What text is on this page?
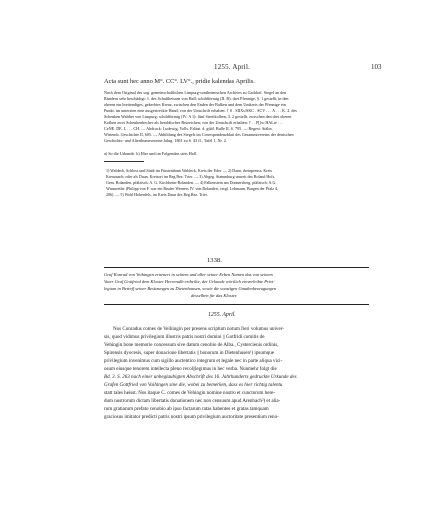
1255. April.	103
Acta sunt hec anno M°. CC°. LV°., pridie kalendas Aprilis.
Nach dem Original des sog. gemeinschaftlichen Limpurg-sontheimischen Archives zu Gaildorf. Siegel an den
Rändern sehr beschädigt: 1. des Schultheissen von Hall: schildförmig (II. B): drei Pfennige, §. 1 gestellt, in den
oberen ein breitendiges, gekerbtes Kreuz, zwischen den Enden der Balken und dem Umkreis der Pfennige ein
Punkt, im untersten eine ausgestreckte Hand; von der Umschrift erhalten: † S . SIIXs/SKC . SCV . . . A . . . K. 2. des
Schenken Walther von Limpurg: schildförmig (IV. A 1): fünf Streitkolben, 3. 2 gestellt, zwischen den drei oberen
Kolben zwei Schenkenbecher als heraldisches Beizeichen; von der Umschrift erhalten: † . . P[]w:HALie . . .
CeNE. DE. L . . . CH. — Abdruck: Ludewig, Volls. Erläut. d. güld. Bulle II, S. 795. — Regest: Stälin,
Wirtemb. Geschichte II, 605. — Abbildung des Siegels im Correspondenzblatt des Gesammtvereins der deutschen
Geschichts- und Alterthumsvereine Jahrg. 1861 zu S. 43 ff., Tafel 1, Nr. 2.
a) So die Urkunde. b) Hier und im Folgenden stets Hall.
1) Waldeck, Schloss und Stadt im Fürstenthum Waldeck, Kreis der Eder. — 2) Daun, rheinpreuss. Kreis
Kreuznach; oder als Daun, Kreisort im Reg.Bez. Trier. — 3) Abgeg. Stammburg unweit des Boland Hofs,
Gem. Bolanden, pfälzisch: A. G. Kirchheim-Bolanden. — 4) Falkenstein am Donnersberg, pfälzisch: A.G.
Winnweiler (Philipp von F. war ein Bruder Werners IV. von Bolanden, vergl. Lehmann, Burgen der Pfalz 4,
206). — 5) Wohl Hohenfels, im Kreis Daun des Reg.Bez. Trier.
1338.
Graf Konrad von Veihingen erneuert in seinem und aller seiner Erben Namen das von seinem
Vater Graf Gottfried dem Kloster Herrenalb ertheilte, der Urkunde wörtlich einverleibte Privi-
legium in Betreff seiner Besitzungen zu Dietenhausen, sowie die sonstigen Gnadenbezeugungen
desselben für das Kloster.
1255. April.
Nos Conradus comes de Veihingin per presens scriptum notum fieri volumus univer-
sis, quod vidimus privilegium illustris patris nostri domini || Gotfridi comitis de
Vehingin bone memorie concessum sive datum cenobio de Alba., Cystercienis ordinis,
Spirensis dyocesis, super donacione libertatis || bonorum in Dietenhusen¹) ipsumque
privilegium invenimus cum sigillo auctentico integrum et legale nec in parte aliqua vici-
osum eiusque tenorem intellecta pleno recol||legimus in hec verba. Nunmehr folgt die
Bd. 3. S. 263 nach einer unbeglaubigten Abschrift des 16. Jahrhunderts gedruckte Urkunde des
Grafen Gottfried von Vaihingen sine die, wobei zu bemerken, dass es hier richtig talentu
statt tales heisst. Nos itaque C. comes de Vehingin nomine nostro et cunctorum here-
dum nostrorum dictam libertatis donationem nec non censuum apud Arenbach²) et alia-
rum gratiarum prefato cenobio ab ipso factarum ratas habentes et gratas tamquam
graciosus imitator predicti patris nostri ipsum privilegium auctoritate presentium reno-
